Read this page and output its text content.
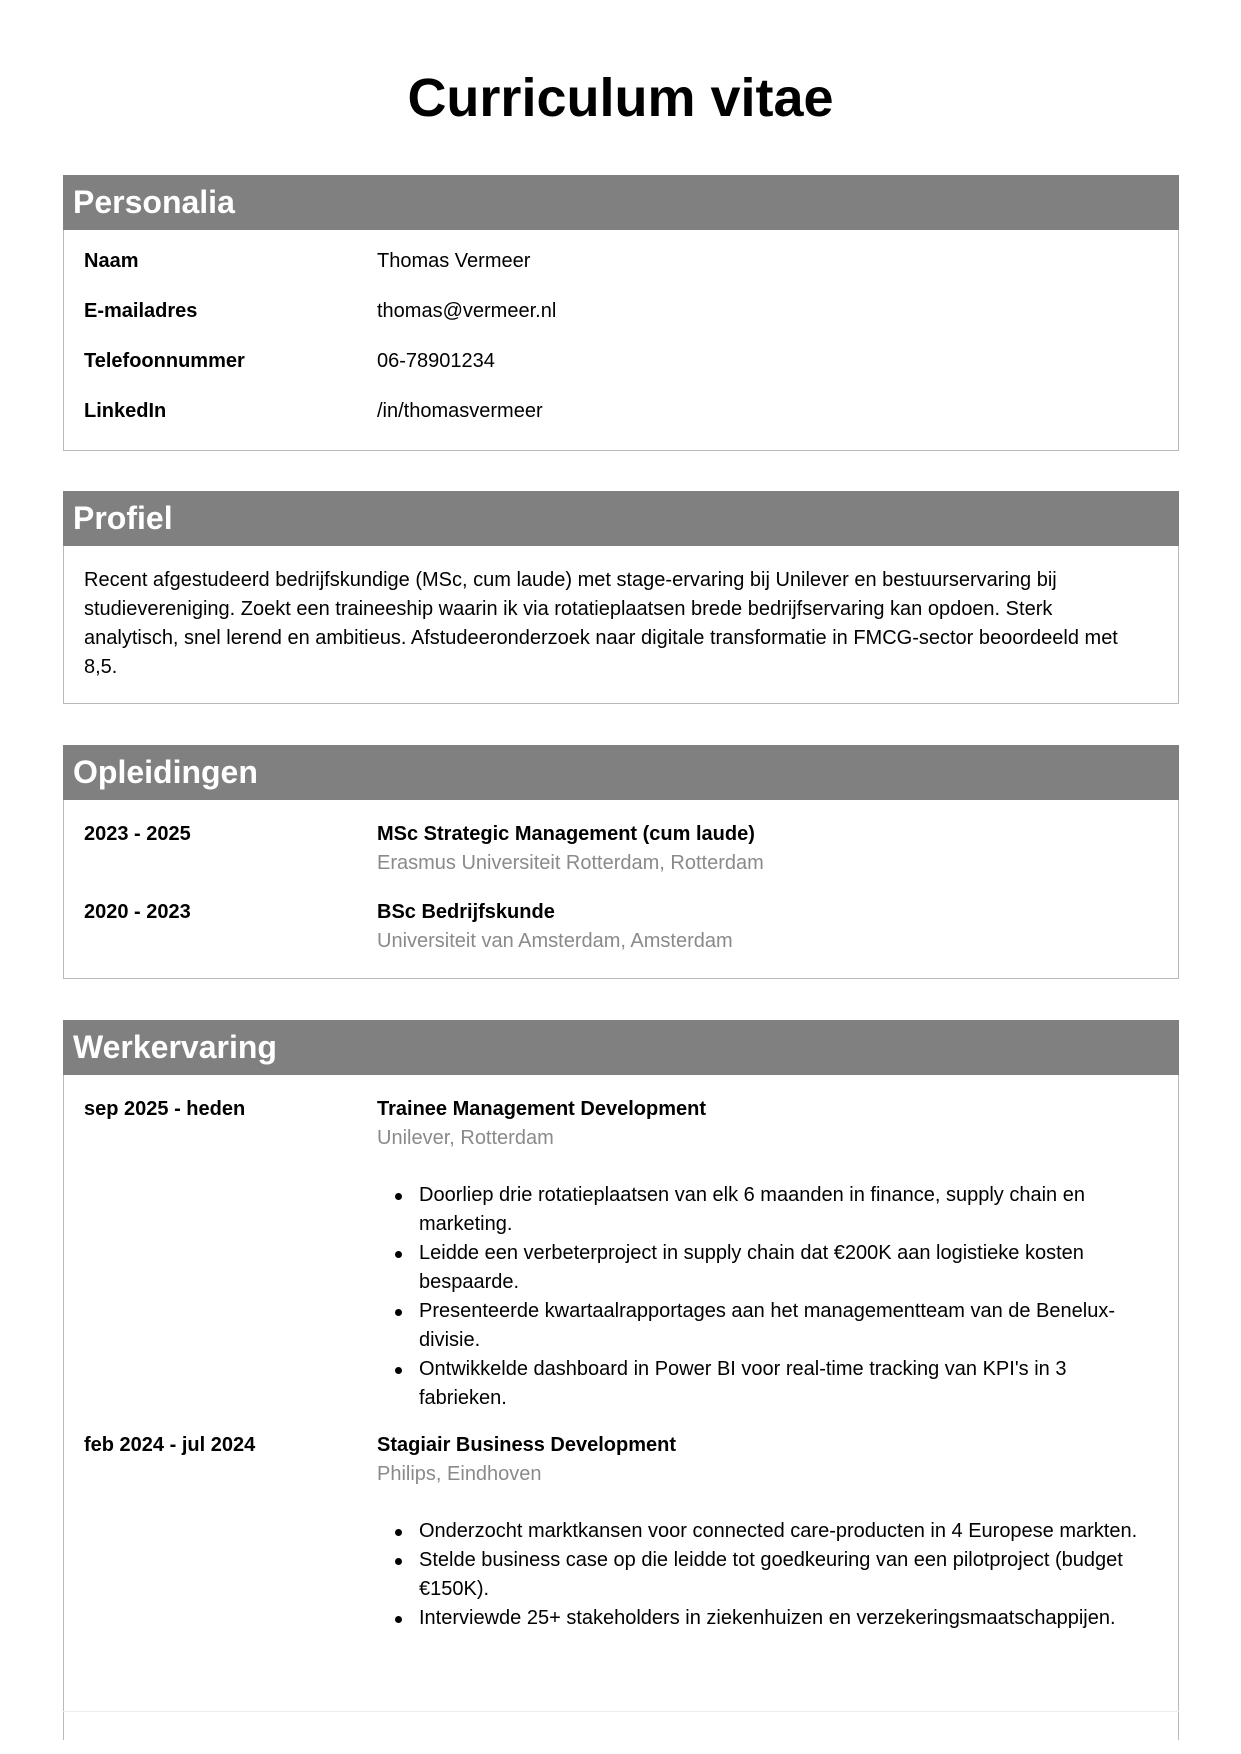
Curriculum vitae
Personalia
Naam	Thomas Vermeer
E-mailadres	thomas@vermeer.nl
Telefoonnummer	06-78901234
LinkedIn	/in/thomasvermeer
Profiel
Recent afgestudeerd bedrijfskundige (MSc, cum laude) met stage-ervaring bij Unilever en bestuurservaring bij studievereniging. Zoekt een traineeship waarin ik via rotatieplaatsen brede bedrijfservaring kan opdoen. Sterk analytisch, snel lerend en ambitieus. Afstudeeronderzoek naar digitale transformatie in FMCG-sector beoordeeld met 8,5.
Opleidingen
2023 - 2025	MSc Strategic Management (cum laude)
Erasmus Universiteit Rotterdam, Rotterdam
2020 - 2023	BSc Bedrijfskunde
Universiteit van Amsterdam, Amsterdam
Werkervaring
sep 2025 - heden	Trainee Management Development
Unilever, Rotterdam
Doorliep drie rotatieplaatsen van elk 6 maanden in finance, supply chain en marketing.
Leidde een verbeterproject in supply chain dat €200K aan logistieke kosten bespaarde.
Presenteerde kwartaalrapportages aan het managementteam van de Benelux-divisie.
Ontwikkelde dashboard in Power BI voor real-time tracking van KPI's in 3 fabrieken.
feb 2024 - jul 2024	Stagiair Business Development
Philips, Eindhoven
Onderzocht marktkansen voor connected care-producten in 4 Europese markten.
Stelde business case op die leidde tot goedkeuring van een pilotproject (budget €150K).
Interviewde 25+ stakeholders in ziekenhuizen en verzekeringsmaatschappijen.
